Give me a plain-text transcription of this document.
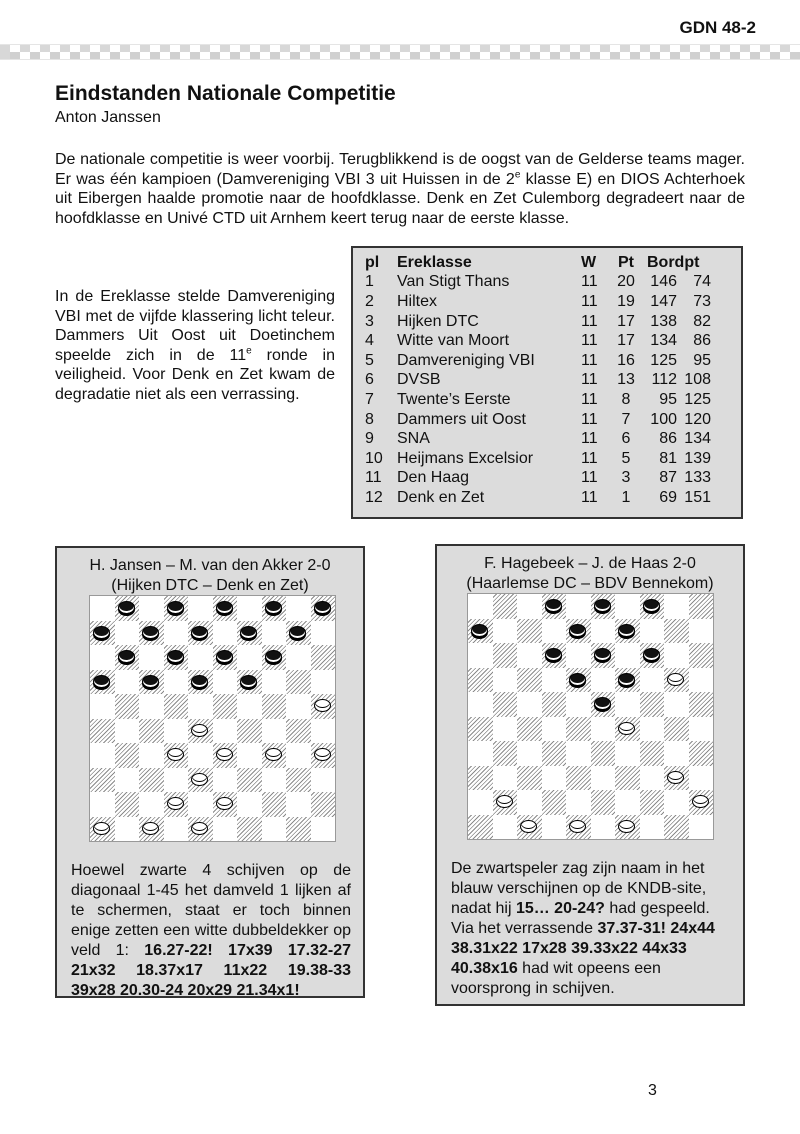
GDN 48-2
Eindstanden Nationale Competitie
Anton Janssen

De nationale competitie is weer voorbij. Terugblikkend is de oogst van de Gelderse teams mager. Er was één kampioen (Damvereniging VBI 3 uit Huissen in de 2e klasse E) en DIOS Achterhoek uit Eibergen haalde promotie naar de hoofdklasse. Denk en Zet Culemborg degradeert naar de hoofdklasse en Univé CTD uit Arnhem keert terug naar de eerste klasse.

In de Ereklasse stelde Damvereniging VBI met de vijfde klassering licht teleur. Dammers Uit Oost uit Doetinchem speelde zich in de 11e ronde in veiligheid. Voor Denk en Zet kwam de degradatie niet als een verrassing.

pl	Ereklasse	W	Pt	Bordpt	
1	Van Stigt Thans	11	20	146	74
2	Hiltex	11	19	147	73
3	Hijken DTC	11	17	138	82
4	Witte van Moort	11	17	134	86
5	Damvereniging VBI	11	16	125	95
6	DVSB	11	13	112	108
7	Twente’s Eerste	11	8	95	125
8	Dammers uit Oost	11	7	100	120
9	SNA	11	6	86	134
10	Heijmans Excelsior	11	5	81	139
11	Den Haag	11	3	87	133
12	Denk en Zet	11	1	69	151
H. Jansen – M. van den Akker 2-0
(Hijken DTC – Denk en Zet)
Hoewel zwarte 4 schijven op de diagonaal 1-45 het damveld 1 lijken af te schermen, staat er toch binnen enige zetten een witte dubbeldekker op veld 1: 16.27-22! 17x39 17.32-27 21x32 18.37x17 11x22 19.38-33 39x28 20.30-24 20x29 21.34x1!
F. Hagebeek – J. de Haas 2-0
(Haarlemse DC – BDV Bennekom)
De zwartspeler zag zijn naam in het blauw verschijnen op de KNDB-site, nadat hij 15… 20-24? had gespeeld. Via het verrassende 37.37-31! 24x44 38.31x22 17x28 39.33x22 44x33 40.38x16 had wit opeens een voorsprong in schijven.
3
